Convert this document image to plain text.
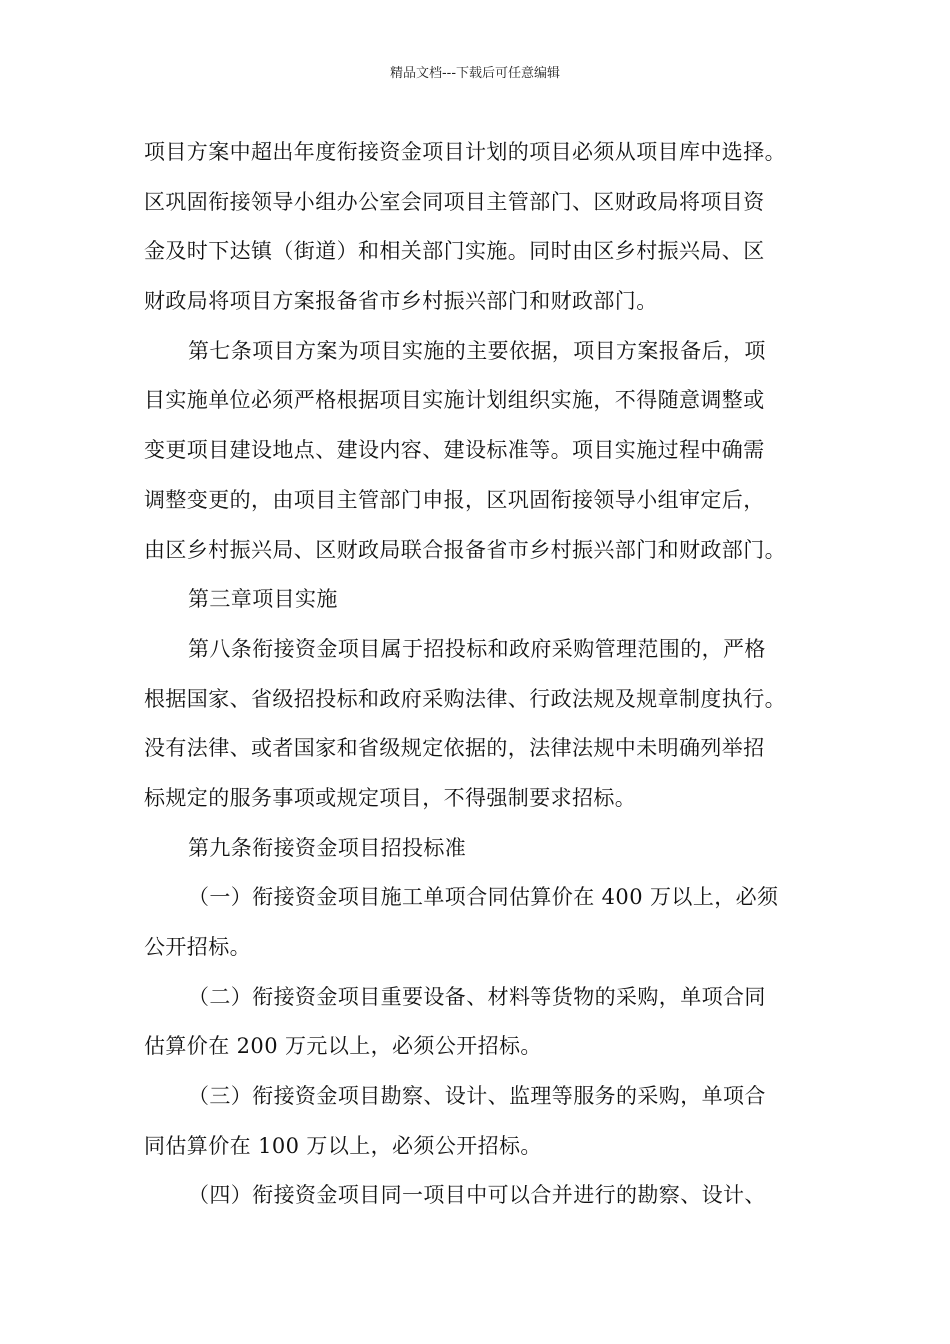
精品文档---下载后可任意编辑
项目方案中超出年度衔接资金项目计划的项目必须从项目库中选择。
区巩固衔接领导小组办公室会同项目主管部门、区财政局将项目资
金及时下达镇（街道）和相关部门实施。同时由区乡村振兴局、区
财政局将项目方案报备省市乡村振兴部门和财政部门。
第七条项目方案为项目实施的主要依据，项目方案报备后，项
目实施单位必须严格根据项目实施计划组织实施，不得随意调整或
变更项目建设地点、建设内容、建设标准等。项目实施过程中确需
调整变更的，由项目主管部门申报，区巩固衔接领导小组审定后，
由区乡村振兴局、区财政局联合报备省市乡村振兴部门和财政部门。
第三章项目实施
第八条衔接资金项目属于招投标和政府采购管理范围的，严格
根据国家、省级招投标和政府采购法律、行政法规及规章制度执行。
没有法律、或者国家和省级规定依据的，法律法规中未明确列举招
标规定的服务事项或规定项目，不得强制要求招标。
第九条衔接资金项目招投标准
（一）衔接资金项目施工单项合同估算价在 400 万以上，必须
公开招标。
（二）衔接资金项目重要设备、材料等货物的采购，单项合同
估算价在 200 万元以上，必须公开招标。
（三）衔接资金项目勘察、设计、监理等服务的采购，单项合
同估算价在 100 万以上，必须公开招标。
（四）衔接资金项目同一项目中可以合并进行的勘察、设计、
